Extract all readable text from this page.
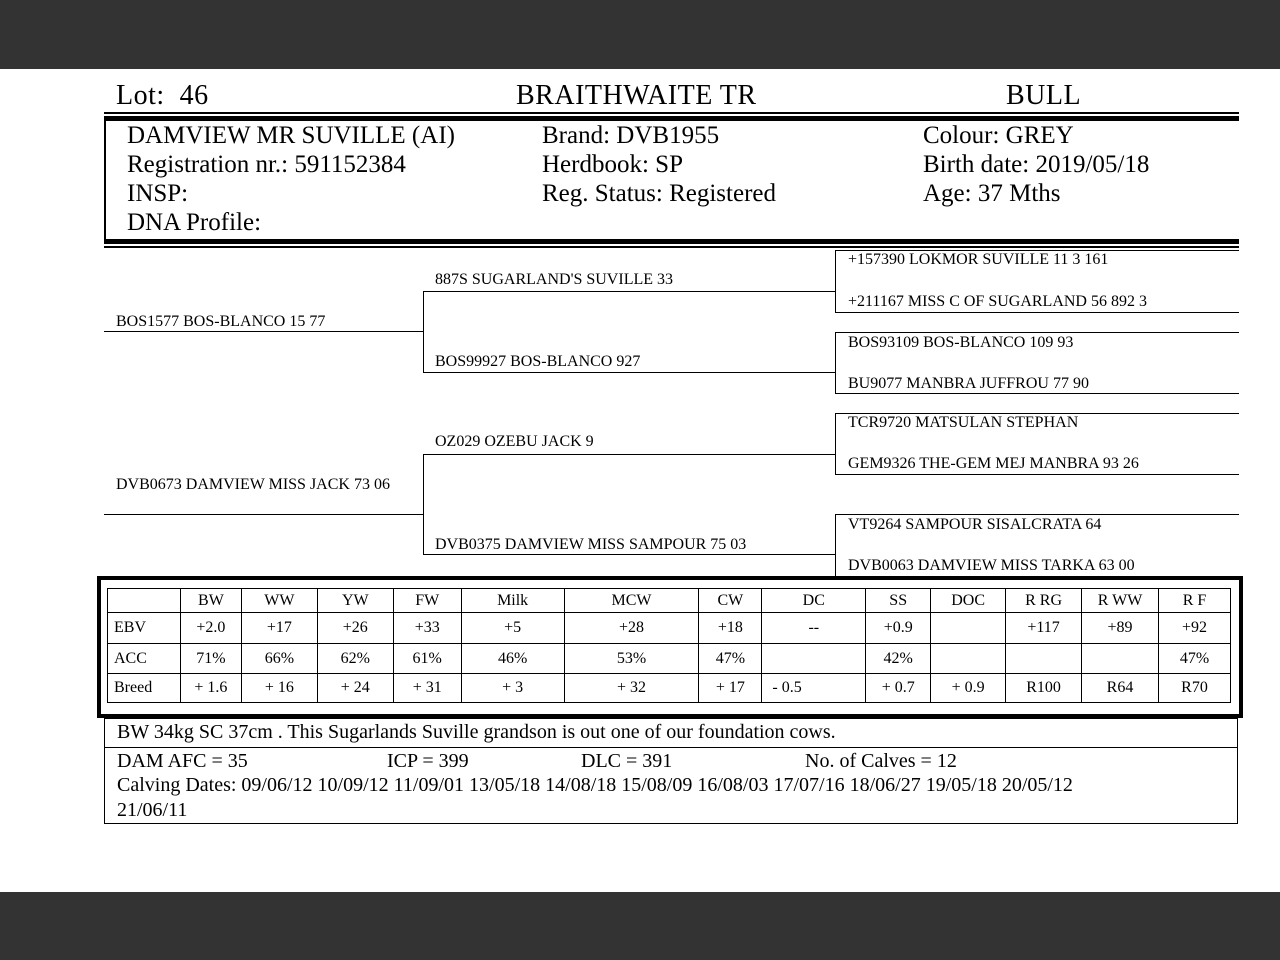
Lot: 46	BRAITHWAITE TR	BULL
DAMVIEW MR SUVILLE (AI)
Registration nr.: 591152384
INSP:
DNA Profile:
Brand: DVB1955
Herdbook: SP
Reg. Status: Registered
Colour: GREY
Birth date: 2019/05/18
Age: 37 Mths
BOS1577 BOS-BLANCO 15 77
DVB0673 DAMVIEW MISS JACK 73 06
887S SUGARLAND'S SUVILLE 33
BOS99927 BOS-BLANCO 927
OZ029 OZEBU JACK 9
DVB0375 DAMVIEW MISS SAMPOUR 75 03
+157390 LOKMOR SUVILLE 11 3 161
+211167 MISS C OF SUGARLAND 56 892 3
BOS93109 BOS-BLANCO 109 93
BU9077 MANBRA JUFFROU 77 90
TCR9720 MATSULAN STEPHAN
GEM9326 THE-GEM MEJ MANBRA 93 26
VT9264 SAMPOUR SISALCRATA 64
DVB0063 DAMVIEW MISS TARKA 63 00
	BW	WW	YW	FW	Milk	MCW	CW	DC	SS	DOC	R RG	R WW	R F
EBV	+2.0	+17	+26	+33	+5	+28	+18	--	+0.9		+117	+89	+92
ACC	71%	66%	62%	61%	46%	53%	47%		42%				47%
Breed	+ 1.6	+ 16	+ 24	+ 31	+ 3	+ 32	+ 17	- 0.5	+ 0.7	+ 0.9	R100	R64	R70
BW 34kg SC 37cm . This Sugarlands Suville grandson is out one of our foundation cows.
DAM AFC = 35	ICP = 399	DLC = 391	No. of Calves = 12
Calving Dates: 09/06/12 10/09/12 11/09/01 13/05/18 14/08/18 15/08/09 16/08/03 17/07/16 18/06/27 19/05/18 20/05/12
21/06/11
